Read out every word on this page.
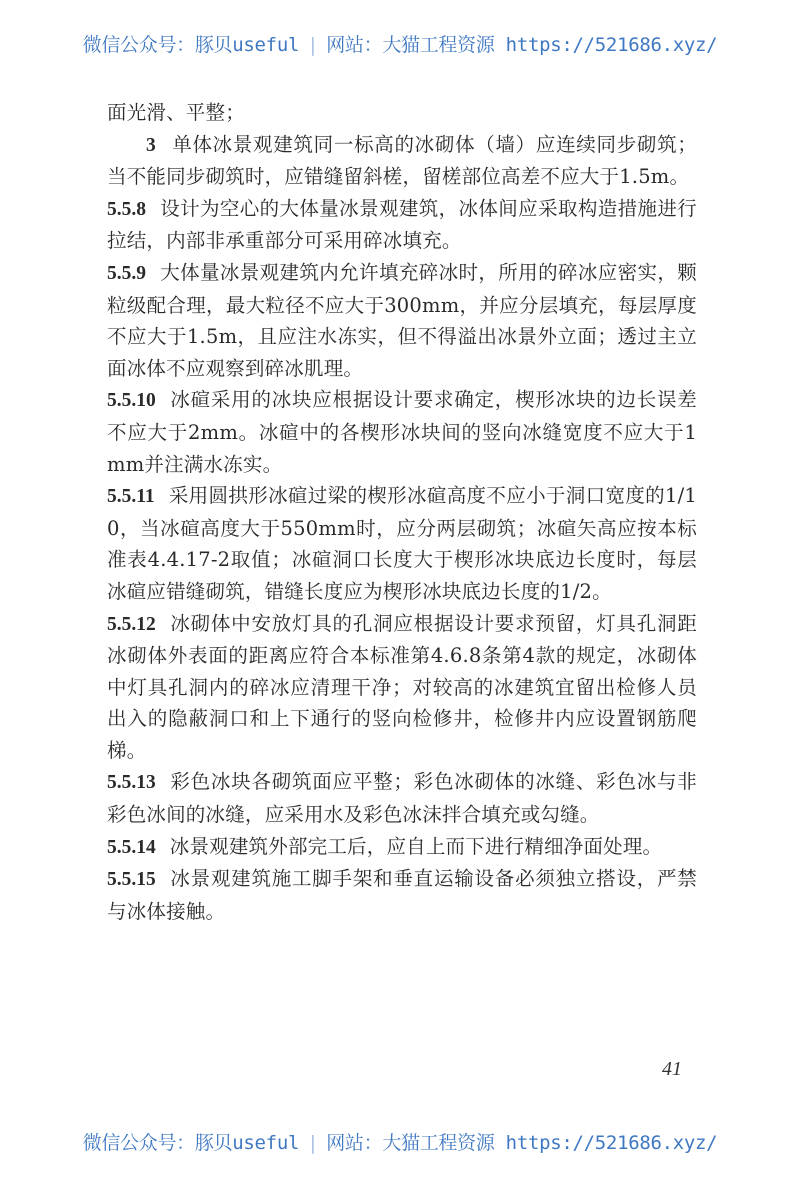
微信公众号：豚贝useful | 网站：大猫工程资源 https://521686.xyz/

面光滑、平整；

3 单体冰景观建筑同一标高的冰砌体（墙）应连续同步砌筑；当不能同步砌筑时，应错缝留斜槎，留槎部位高差不应大于1.5m。

5.5.8 设计为空心的大体量冰景观建筑，冰体间应采取构造措施进行拉结，内部非承重部分可采用碎冰填充。

5.5.9 大体量冰景观建筑内允许填充碎冰时，所用的碎冰应密实，颗粒级配合理，最大粒径不应大于300mm，并应分层填充，每层厚度不应大于1.5m，且应注水冻实，但不得溢出冰景外立面；透过主立面冰体不应观察到碎冰肌理。

5.5.10 冰碹采用的冰块应根据设计要求确定，楔形冰块的边长误差不应大于2mm。冰碹中的各楔形冰块间的竖向冰缝宽度不应大于1mm并注满水冻实。

5.5.11 采用圆拱形冰碹过梁的楔形冰碹高度不应小于洞口宽度的1/10，当冰碹高度大于550mm时，应分两层砌筑；冰碹矢高应按本标准表4.4.17-2取值；冰碹洞口长度大于楔形冰块底边长度时，每层冰碹应错缝砌筑，错缝长度应为楔形冰块底边长度的1/2。

5.5.12 冰砌体中安放灯具的孔洞应根据设计要求预留，灯具孔洞距冰砌体外表面的距离应符合本标准第4.6.8条第4款的规定，冰砌体中灯具孔洞内的碎冰应清理干净；对较高的冰建筑宜留出检修人员出入的隐蔽洞口和上下通行的竖向检修井，检修井内应设置钢筋爬梯。

5.5.13 彩色冰块各砌筑面应平整；彩色冰砌体的冰缝、彩色冰与非彩色冰间的冰缝，应采用水及彩色冰沫拌合填充或勾缝。

5.5.14 冰景观建筑外部完工后，应自上而下进行精细净面处理。

5.5.15 冰景观建筑施工脚手架和垂直运输设备必须独立搭设，严禁与冰体接触。

41
微信公众号：豚贝useful | 网站：大猫工程资源 https://521686.xyz/
